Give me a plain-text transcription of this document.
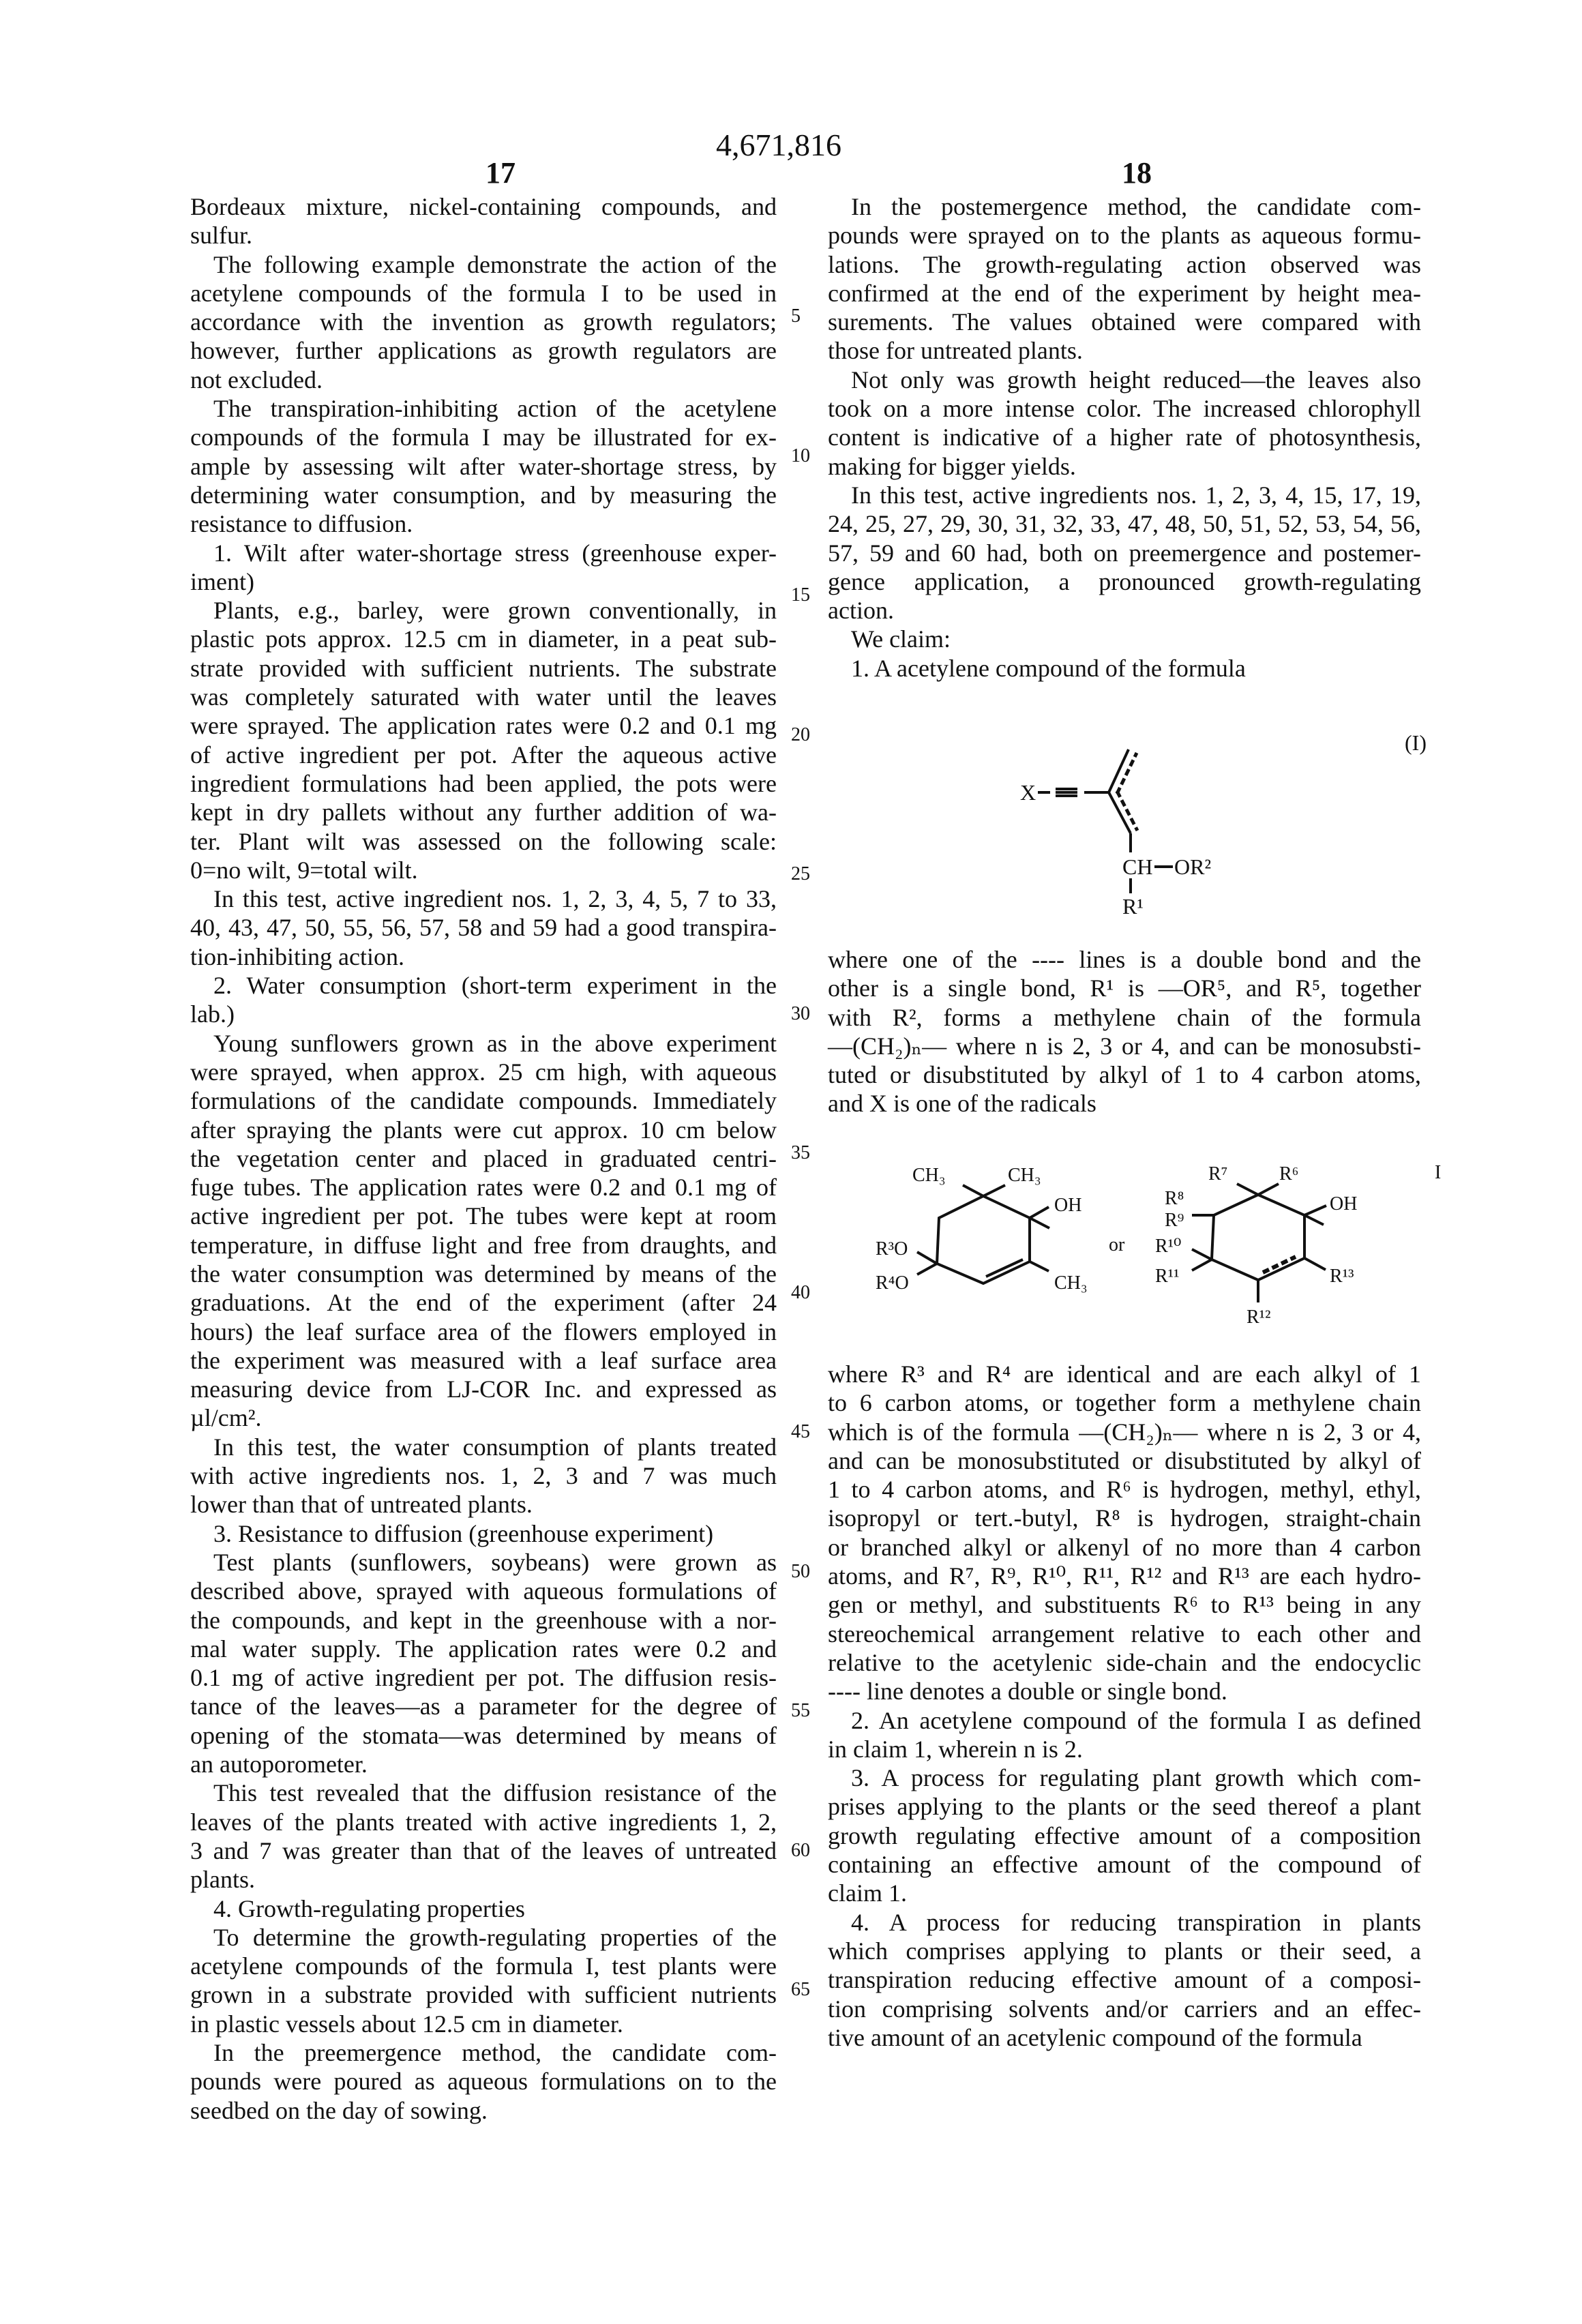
4,671,816
17	18
Bordeaux mixture, nickel-containing compounds, and
sulfur.
The following example demonstrate the action of the
acetylene compounds of the formula I to be used in
accordance with the invention as growth regulators;
however, further applications as growth regulators are
not excluded.
The transpiration-inhibiting action of the acetylene
compounds of the formula I may be illustrated for ex-
ample by assessing wilt after water-shortage stress, by
determining water consumption, and by measuring the
resistance to diffusion.
1. Wilt after water-shortage stress (greenhouse exper-
iment)
Plants, e.g., barley, were grown conventionally, in
plastic pots approx. 12.5 cm in diameter, in a peat sub-
strate provided with sufficient nutrients. The substrate
was completely saturated with water until the leaves
were sprayed. The application rates were 0.2 and 0.1 mg
of active ingredient per pot. After the aqueous active
ingredient formulations had been applied, the pots were
kept in dry pallets without any further addition of wa-
ter. Plant wilt was assessed on the following scale:
0=no wilt, 9=total wilt.
In this test, active ingredient nos. 1, 2, 3, 4, 5, 7 to 33,
40, 43, 47, 50, 55, 56, 57, 58 and 59 had a good transpira-
tion-inhibiting action.
2. Water consumption (short-term experiment in the
lab.)
Young sunflowers grown as in the above experiment
were sprayed, when approx. 25 cm high, with aqueous
formulations of the candidate compounds. Immediately
after spraying the plants were cut approx. 10 cm below
the vegetation center and placed in graduated centri-
fuge tubes. The application rates were 0.2 and 0.1 mg of
active ingredient per pot. The tubes were kept at room
temperature, in diffuse light and free from draughts, and
the water consumption was determined by means of the
graduations. At the end of the experiment (after 24
hours) the leaf surface area of the flowers employed in
the experiment was measured with a leaf surface area
measuring device from LJ-COR Inc. and expressed as
µl/cm².
In this test, the water consumption of plants treated
with active ingredients nos. 1, 2, 3 and 7 was much
lower than that of untreated plants.
3. Resistance to diffusion (greenhouse experiment)
Test plants (sunflowers, soybeans) were grown as
described above, sprayed with aqueous formulations of
the compounds, and kept in the greenhouse with a nor-
mal water supply. The application rates were 0.2 and
0.1 mg of active ingredient per pot. The diffusion resis-
tance of the leaves—as a parameter for the degree of
opening of the stomata—was determined by means of
an autoporometer.
This test revealed that the diffusion resistance of the
leaves of the plants treated with active ingredients 1, 2,
3 and 7 was greater than that of the leaves of untreated
plants.
4. Growth-regulating properties
To determine the growth-regulating properties of the
acetylene compounds of the formula I, test plants were
grown in a substrate provided with sufficient nutrients
in plastic vessels about 12.5 cm in diameter.
In the preemergence method, the candidate com-
pounds were poured as aqueous formulations on to the
seedbed on the day of sowing.
In the postemergence method, the candidate com-
pounds were sprayed on to the plants as aqueous formu-
lations. The growth-regulating action observed was
confirmed at the end of the experiment by height mea-
surements. The values obtained were compared with
those for untreated plants.
Not only was growth height reduced—the leaves also
took on a more intense color. The increased chlorophyll
content is indicative of a higher rate of photosynthesis,
making for bigger yields.
In this test, active ingredients nos. 1, 2, 3, 4, 15, 17, 19,
24, 25, 27, 29, 30, 31, 32, 33, 47, 48, 50, 51, 52, 53, 54, 56,
57, 59 and 60 had, both on preemergence and postemer-
gence application, a pronounced growth-regulating
action.
We claim:
1. A acetylene compound of the formula
where one of the ---- lines is a double bond and the
other is a single bond, R¹ is —OR⁵, and R⁵, together
with R², forms a methylene chain of the formula
—(CH₂)ₙ— where n is 2, 3 or 4, and can be monosubsti-
tuted or disubstituted by alkyl of 1 to 4 carbon atoms,
and X is one of the radicals
where R³ and R⁴ are identical and are each alkyl of 1
to 6 carbon atoms, or together form a methylene chain
which is of the formula —(CH₂)ₙ— where n is 2, 3 or 4,
and can be monosubstituted or disubstituted by alkyl of
1 to 4 carbon atoms, and R⁶ is hydrogen, methyl, ethyl,
isopropyl or tert.-butyl, R⁸ is hydrogen, straight-chain
or branched alkyl or alkenyl of no more than 4 carbon
atoms, and R⁷, R⁹, R¹⁰, R¹¹, R¹² and R¹³ are each hydro-
gen or methyl, and substituents R⁶ to R¹³ being in any
stereochemical arrangement relative to each other and
relative to the acetylenic side-chain and the endocyclic
---- line denotes a double or single bond.
2. An acetylene compound of the formula I as defined
in claim 1, wherein n is 2.
3. A process for regulating plant growth which com-
prises applying to the plants or the seed thereof a plant
growth regulating effective amount of a composition
containing an effective amount of the compound of
claim 1.
4. A process for reducing transpiration in plants
which comprises applying to plants or their seed, a
transpiration reducing effective amount of a composi-
tion comprising solvents and/or carriers and an effec-
tive amount of an acetylenic compound of the formula
5
10
15
20
25
30
35
40
45
50
55
60
65
X
CH OR²
R¹
(I)
CH₃	CH₃
OH
R³O
R⁴O	CH₃
or
R⁷	R⁶
OH
R⁸
R⁹
R¹⁰
R¹¹	R¹³
R¹²
I
